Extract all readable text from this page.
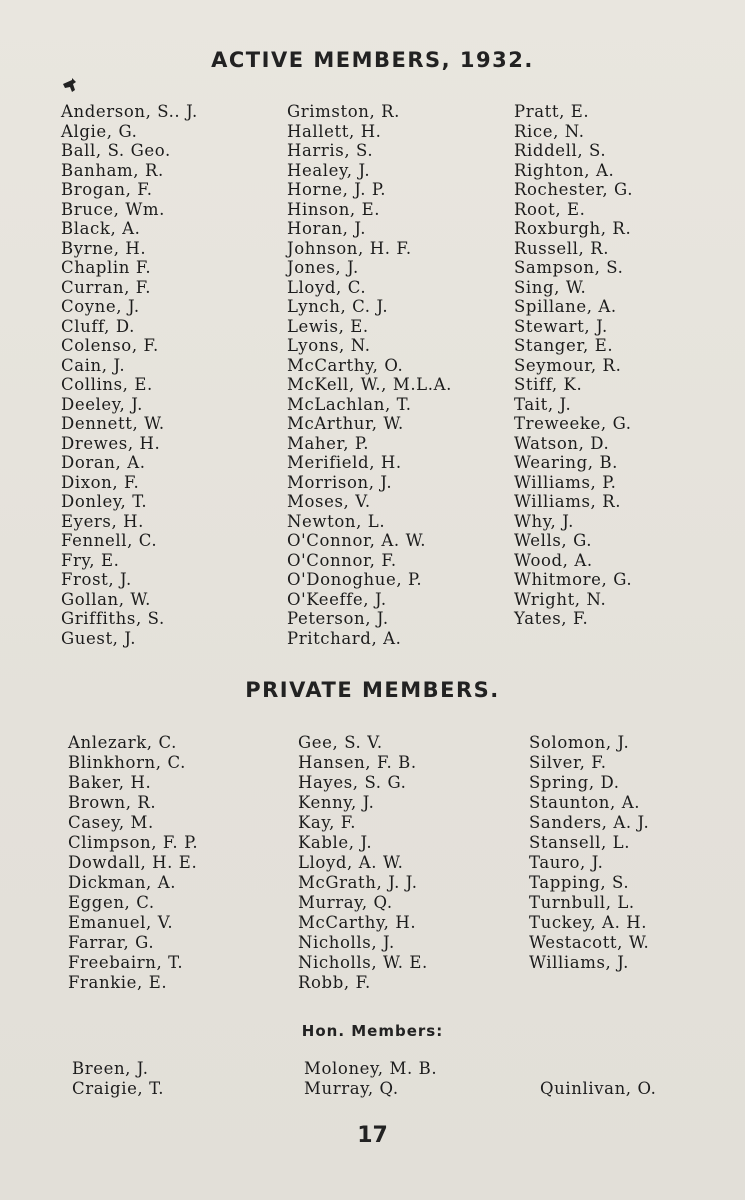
ACTIVE MEMBERS, 1932.
Anderson, S.. J.
Algie, G.
Ball, S. Geo.
Banham, R.
Brogan, F.
Bruce, Wm.
Black, A.
Byrne, H.
Chaplin F.
Curran, F.
Coyne, J.
Cluff, D.
Colenso, F.
Cain, J.
Collins, E.
Deeley, J.
Dennett, W.
Drewes, H.
Doran, A.
Dixon, F.
Donley, T.
Eyers, H.
Fennell, C.
Fry, E.
Frost, J.
Gollan, W.
Griffiths, S.
Guest, J.
Grimston, R.
Hallett, H.
Harris, S.
Healey, J.
Horne, J. P.
Hinson, E.
Horan, J.
Johnson, H. F.
Jones, J.
Lloyd, C.
Lynch, C. J.
Lewis, E.
Lyons, N.
McCarthy, O.
McKell, W., M.L.A.
McLachlan, T.
McArthur, W.
Maher, P.
Merifield, H.
Morrison, J.
Moses, V.
Newton, L.
O'Connor, A. W.
O'Connor, F.
O'Donoghue, P.
O'Keeffe, J.
Peterson, J.
Pritchard, A.
Pratt, E.
Rice, N.
Riddell, S.
Righton, A.
Rochester, G.
Root, E.
Roxburgh, R.
Russell, R.
Sampson, S.
Sing, W.
Spillane, A.
Stewart, J.
Stanger, E.
Seymour, R.
Stiff, K.
Tait, J.
Treweeke, G.
Watson, D.
Wearing, B.
Williams, P.
Williams, R.
Why, J.
Wells, G.
Wood, A.
Whitmore, G.
Wright, N.
Yates, F.
PRIVATE MEMBERS.
Anlezark, C.
Blinkhorn, C.
Baker, H.
Brown, R.
Casey, M.
Climpson, F. P.
Dowdall, H. E.
Dickman, A.
Eggen, C.
Emanuel, V.
Farrar, G.
Freebairn, T.
Frankie, E.
Gee, S. V.
Hansen, F. B.
Hayes, S. G.
Kenny, J.
Kay, F.
Kable, J.
Lloyd, A. W.
McGrath, J. J.
Murray, Q.
McCarthy, H.
Nicholls, J.
Nicholls, W. E.
Robb, F.
Solomon, J.
Silver, F.
Spring, D.
Staunton, A.
Sanders, A. J.
Stansell, L.
Tauro, J.
Tapping, S.
Turnbull, L.
Tuckey, A. H.
Westacott, W.
Williams, J.
Hon. Members:
Breen, J.
Craigie, T.
Moloney, M. B.
Murray, Q.	Quinlivan, O.
17
